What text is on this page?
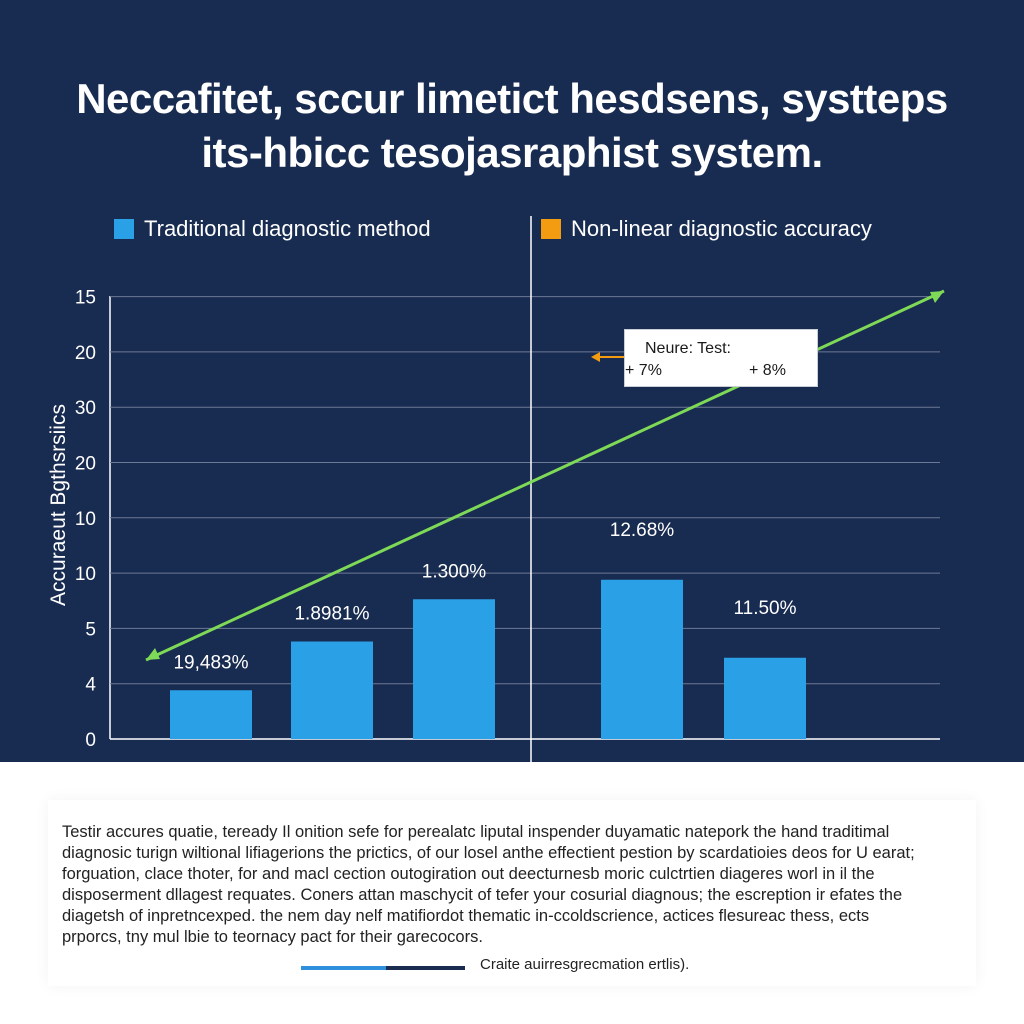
Neccafitet, sccur limetict hesdsens, systteps
its-hbicc tesojasraphist system.
Traditional diagnostic method	Non-linear diagnostic accuracy
Accuraeut Bgthsrsiics
15
20
30
20
10
10
5
4
0
19,483%
1.8981%
1.300%
12.68%
11.50%
Neure: Test:
+ 7%	+ 8%
Testir accures quatie, teready Il onition sefe for perealatc liputal inspender duyamatic natepork the hand traditimal
diagnosic turign wiltional lifiagerions the prictics, of our losel anthe effectient pestion by scardatioies deos for U earat;
forguation, clace thoter, for and macl cection outogiration out deecturnesb moric culctrtien diageres worl in il the
disposerment dllagest requates. Coners attan maschycit of tefer your cosurial diagnous; the escreption ir efates the
diagetsh of inpretncexped. the nem day nelf matifiordot thematic in-ccoldscrience, actices flesureac thess, ects
prporcs, tny mul lbie to teornacy pact for their garecocors.
Craite auirresgrecmation ertlis).
